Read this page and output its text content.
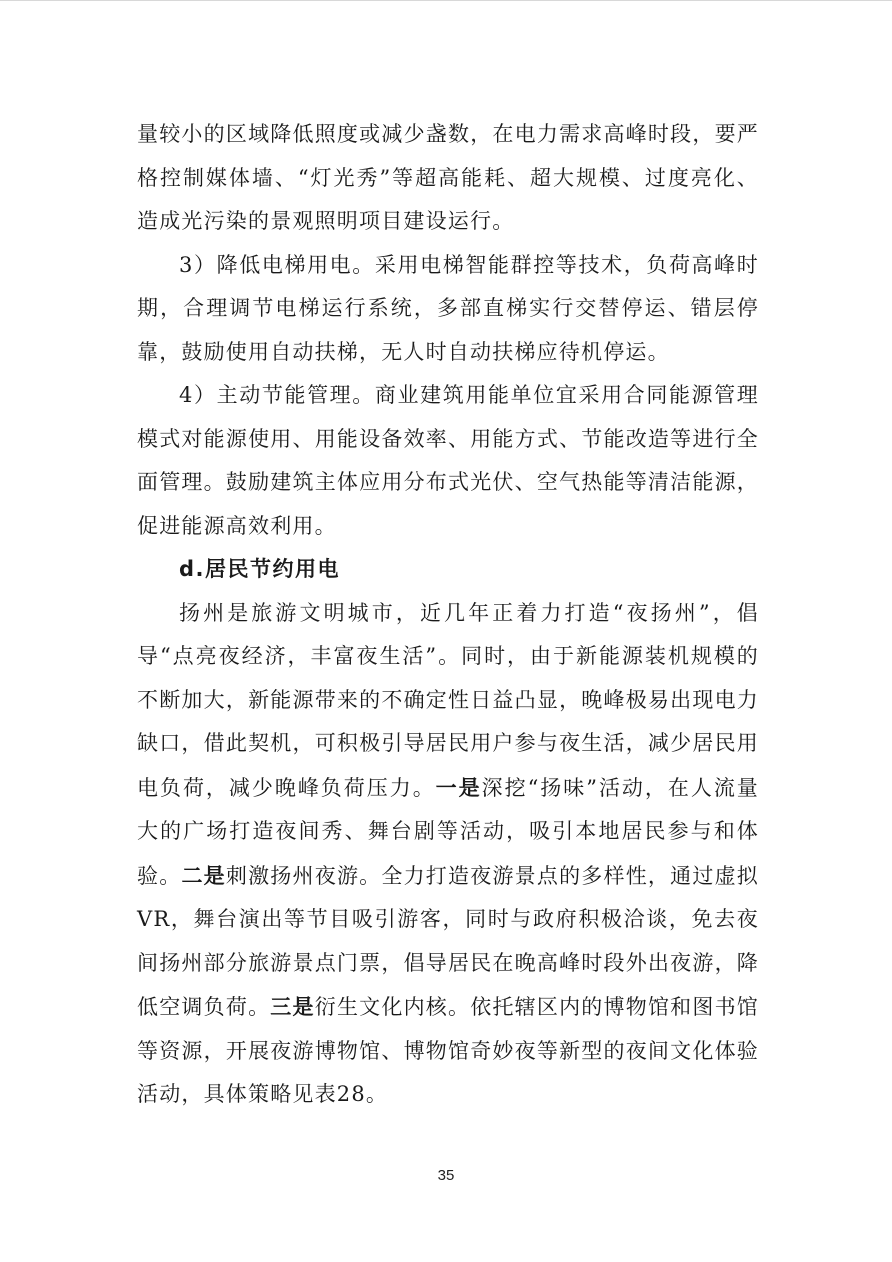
量较小的区域降低照度或减少盏数，在电力需求高峰时段，要严格控制媒体墙、“灯光秀”等超高能耗、超大规模、过度亮化、造成光污染的景观照明项目建设运行。

3）降低电梯用电。采用电梯智能群控等技术，负荷高峰时期，合理调节电梯运行系统，多部直梯实行交替停运、错层停靠，鼓励使用自动扶梯，无人时自动扶梯应待机停运。

4）主动节能管理。商业建筑用能单位宜采用合同能源管理模式对能源使用、用能设备效率、用能方式、节能改造等进行全面管理。鼓励建筑主体应用分布式光伏、空气热能等清洁能源，促进能源高效利用。

d.居民节约用电

扬州是旅游文明城市，近几年正着力打造“夜扬州”，倡导“点亮夜经济，丰富夜生活”。同时，由于新能源装机规模的不断加大，新能源带来的不确定性日益凸显，晚峰极易出现电力缺口，借此契机，可积极引导居民用户参与夜生活，减少居民用电负荷，减少晚峰负荷压力。一是深挖“扬味”活动，在人流量大的广场打造夜间秀、舞台剧等活动，吸引本地居民参与和体验。二是刺激扬州夜游。全力打造夜游景点的多样性，通过虚拟VR，舞台演出等节目吸引游客，同时与政府积极洽谈，免去夜间扬州部分旅游景点门票，倡导居民在晚高峰时段外出夜游，降低空调负荷。三是衍生文化内核。依托辖区内的博物馆和图书馆等资源，开展夜游博物馆、博物馆奇妙夜等新型的夜间文化体验活动，具体策略见表28。

35
